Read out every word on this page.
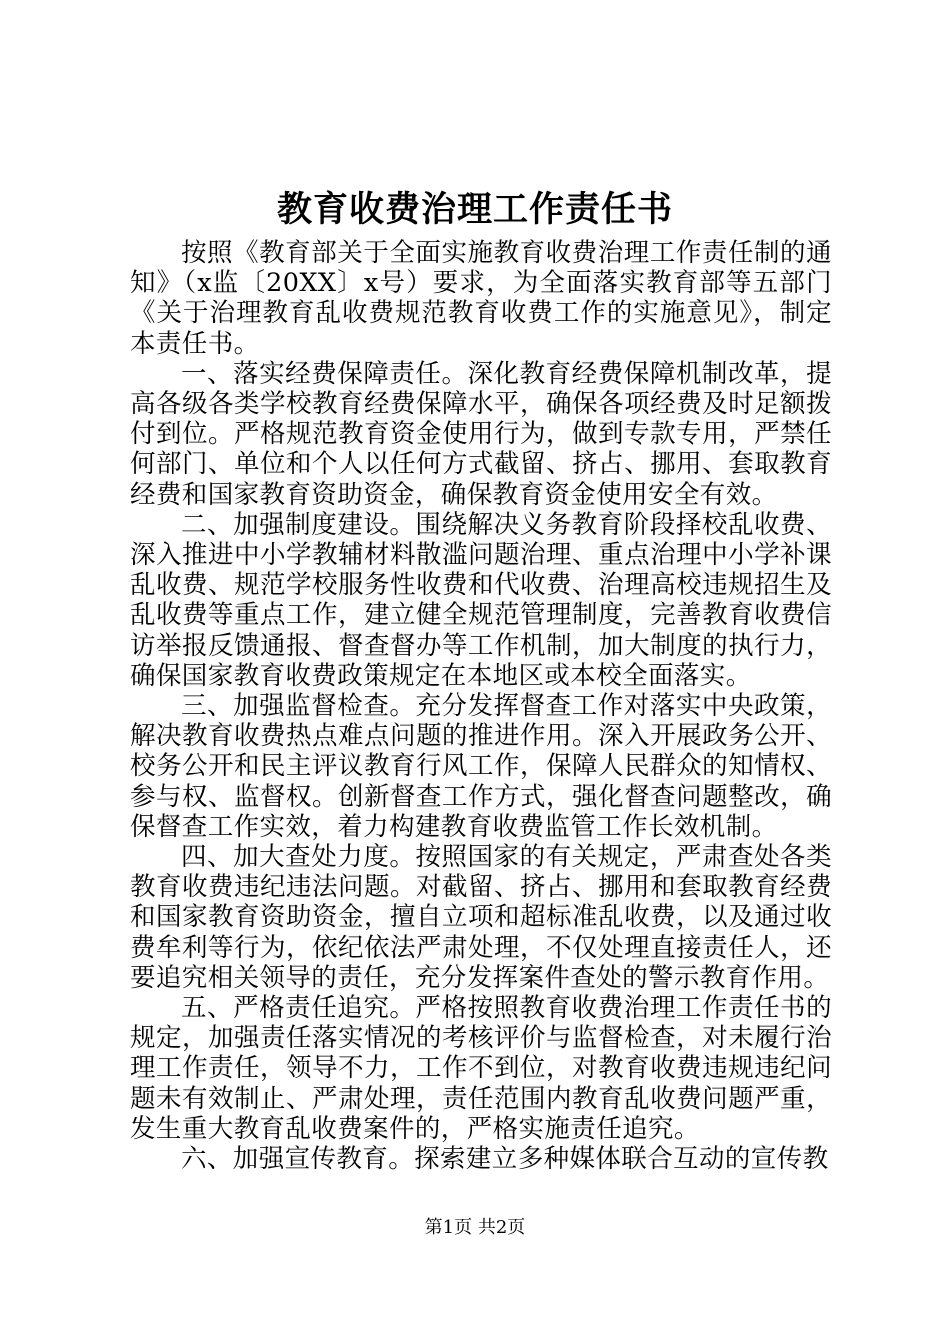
教育收费治理工作责任书

按照《教育部关于全面实施教育收费治理工作责任制的通知》（x监〔20XX〕x号）要求，为全面落实教育部等五部门《关于治理教育乱收费规范教育收费工作的实施意见》，制定本责任书。

一、落实经费保障责任。深化教育经费保障机制改革，提高各级各类学校教育经费保障水平，确保各项经费及时足额拨付到位。严格规范教育资金使用行为，做到专款专用，严禁任何部门、单位和个人以任何方式截留、挤占、挪用、套取教育经费和国家教育资助资金，确保教育资金使用安全有效。

二、加强制度建设。围绕解决义务教育阶段择校乱收费、深入推进中小学教辅材料散滥问题治理、重点治理中小学补课乱收费、规范学校服务性收费和代收费、治理高校违规招生及乱收费等重点工作，建立健全规范管理制度，完善教育收费信访举报反馈通报、督查督办等工作机制，加大制度的执行力，确保国家教育收费政策规定在本地区或本校全面落实。

三、加强监督检查。充分发挥督查工作对落实中央政策，解决教育收费热点难点问题的推进作用。深入开展政务公开、校务公开和民主评议教育行风工作，保障人民群众的知情权、参与权、监督权。创新督查工作方式，强化督查问题整改，确保督查工作实效，着力构建教育收费监管工作长效机制。

四、加大查处力度。按照国家的有关规定，严肃查处各类教育收费违纪违法问题。对截留、挤占、挪用和套取教育经费和国家教育资助资金，擅自立项和超标准乱收费，以及通过收费牟利等行为，依纪依法严肃处理，不仅处理直接责任人，还要追究相关领导的责任，充分发挥案件查处的警示教育作用。

五、严格责任追究。严格按照教育收费治理工作责任书的规定，加强责任落实情况的考核评价与监督检查，对未履行治理工作责任，领导不力，工作不到位，对教育收费违规违纪问题未有效制止、严肃处理，责任范围内教育乱收费问题严重，发生重大教育乱收费案件的，严格实施责任追究。

六、加强宣传教育。探索建立多种媒体联合互动的宣传教

第1页 共2页
